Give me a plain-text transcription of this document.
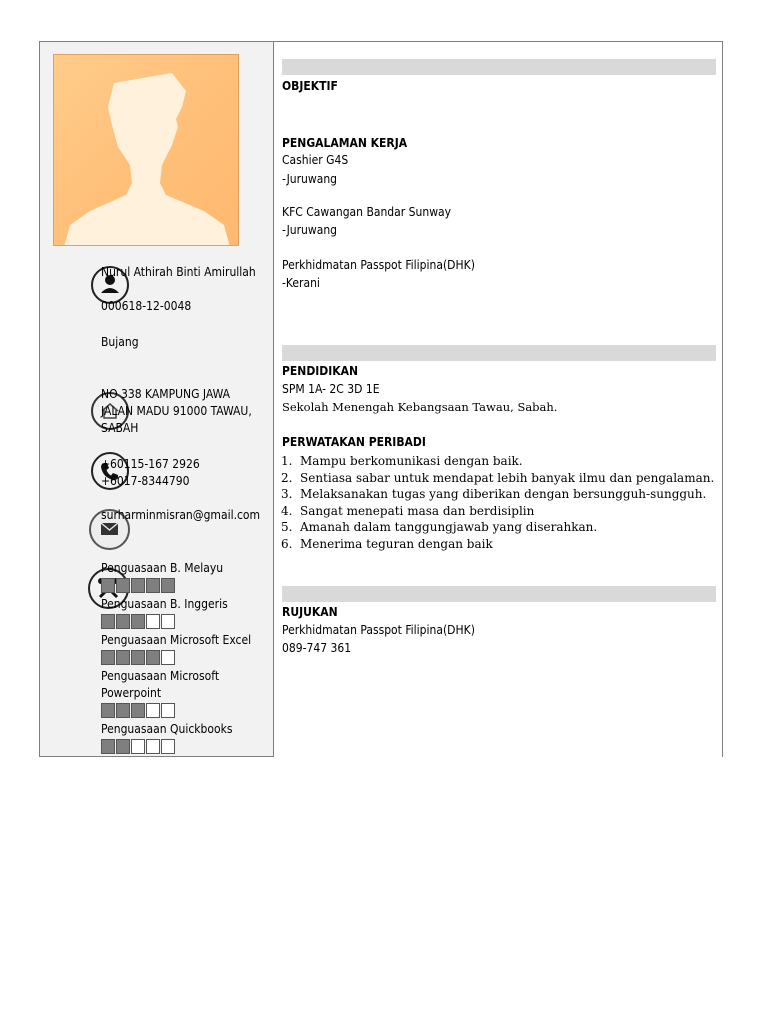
Nurul Athirah Binti Amirullah
000618-12-0048
Bujang
NO 338 KAMPUNG JAWA
JALAN MADU 91000 TAWAU,
SABAH
+60115-167 2926
+6017-8344790
surharminmisran@gmail.com
Penguasaan B. Melayu
Penguasaan B. Inggeris
Penguasaan Microsoft Excel
Penguasaan Microsoft
Powerpoint
Penguasaan Quickbooks
OBJEKTIF
PENGALAMAN KERJA
Cashier G4S
-Juruwang
KFC Cawangan Bandar Sunway
-Juruwang
Perkhidmatan Passpot Filipina(DHK)
-Kerani
PENDIDIKAN
SPM 1A- 2C 3D 1E
Sekolah Menengah Kebangsaan Tawau, Sabah.
PERWATAKAN PERIBADI
1. Mampu berkomunikasi dengan baik.
2. Sentiasa sabar untuk mendapat lebih banyak ilmu dan pengalaman.
3. Melaksanakan tugas yang diberikan dengan bersungguh-sungguh.
4. Sangat menepati masa dan berdisiplin
5. Amanah dalam tanggungjawab yang diserahkan.
6. Menerima teguran dengan baik
RUJUKAN
Perkhidmatan Passpot Filipina(DHK)
089-747 361
